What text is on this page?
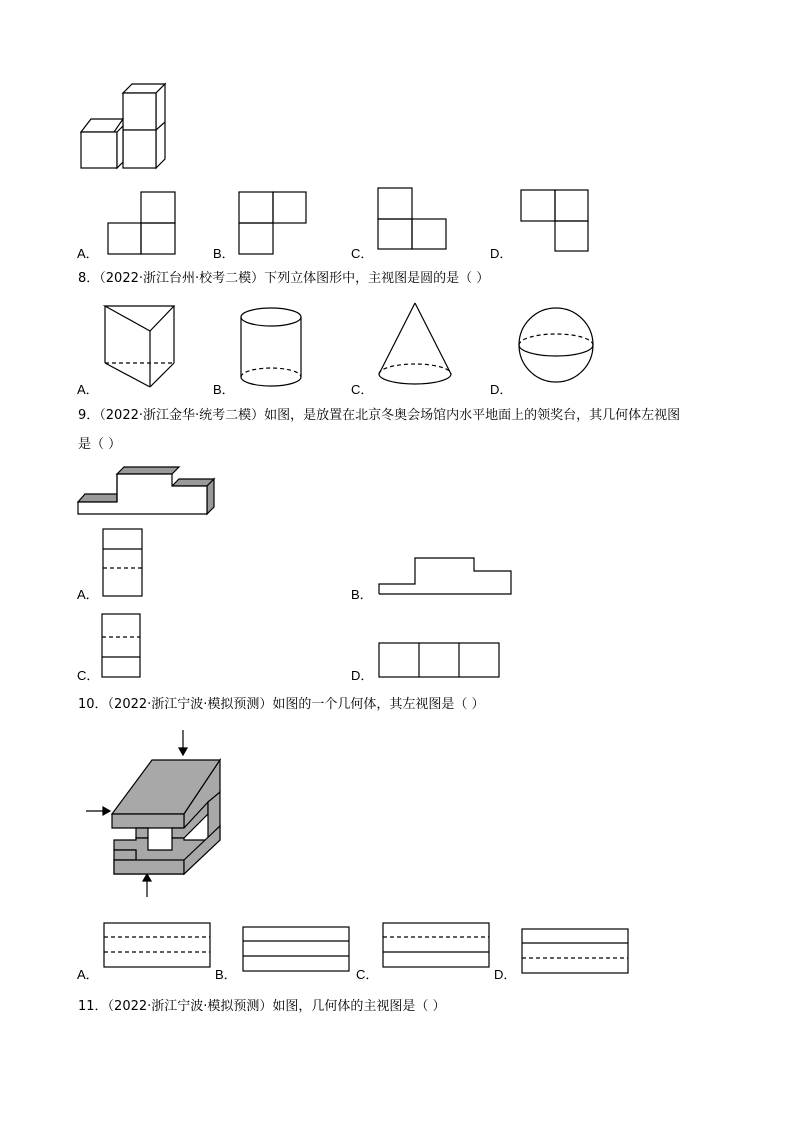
A．	B．	C．	D．
8．（2022·浙江台州·校考二模）下列立体图形中，主视图是圆的是（ ）
A．	B．	C．	D．
9．（2022·浙江金华·统考二模）如图，是放置在北京冬奥会场馆内水平地面上的领奖台，其几何体左视图
是（ ）
A．	B．
C．	D．
10．（2022·浙江宁波·模拟预测）如图的一个几何体，其左视图是（ ）
A．	B．	C．	D．
11．（2022·浙江宁波·模拟预测）如图，几何体的主视图是（ ）
